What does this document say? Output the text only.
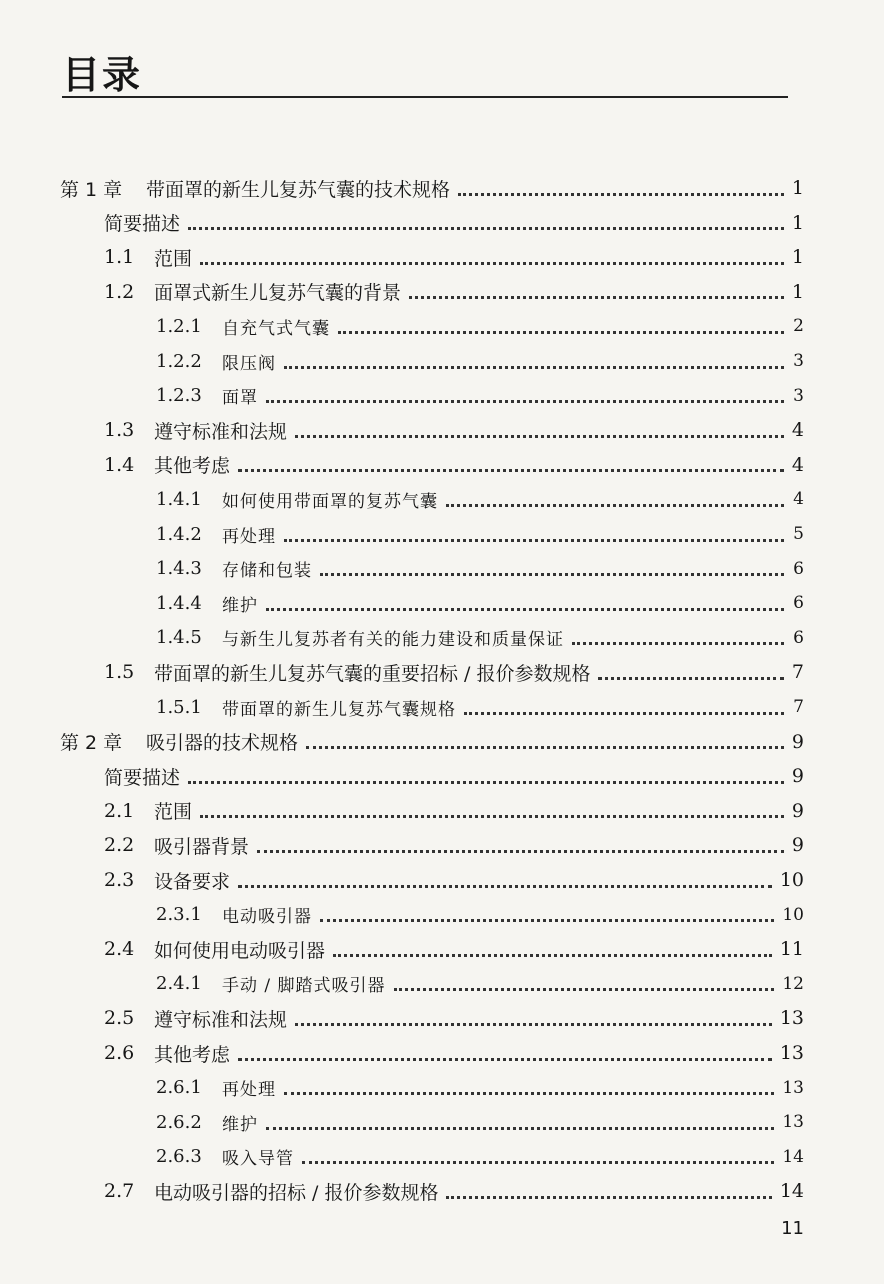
目录
第 1 章	带面罩的新生儿复苏气囊的技术规格	1
简要描述	1
1.1	范围	1
1.2	面罩式新生儿复苏气囊的背景	1
1.2.1	自充气式气囊	2
1.2.2	限压阀	3
1.2.3	面罩	3
1.3	遵守标准和法规	4
1.4	其他考虑	4
1.4.1	如何使用带面罩的复苏气囊	4
1.4.2	再处理	5
1.4.3	存储和包装	6
1.4.4	维护	6
1.4.5	与新生儿复苏者有关的能力建设和质量保证	6
1.5	带面罩的新生儿复苏气囊的重要招标 / 报价参数规格	7
1.5.1	带面罩的新生儿复苏气囊规格	7
第 2 章	吸引器的技术规格	9
简要描述	9
2.1	范围	9
2.2	吸引器背景	9
2.3	设备要求	10
2.3.1	电动吸引器	10
2.4	如何使用电动吸引器	11
2.4.1	手动 / 脚踏式吸引器	12
2.5	遵守标准和法规	13
2.6	其他考虑	13
2.6.1	再处理	13
2.6.2	维护	13
2.6.3	吸入导管	14
2.7	电动吸引器的招标 / 报价参数规格	14
11
